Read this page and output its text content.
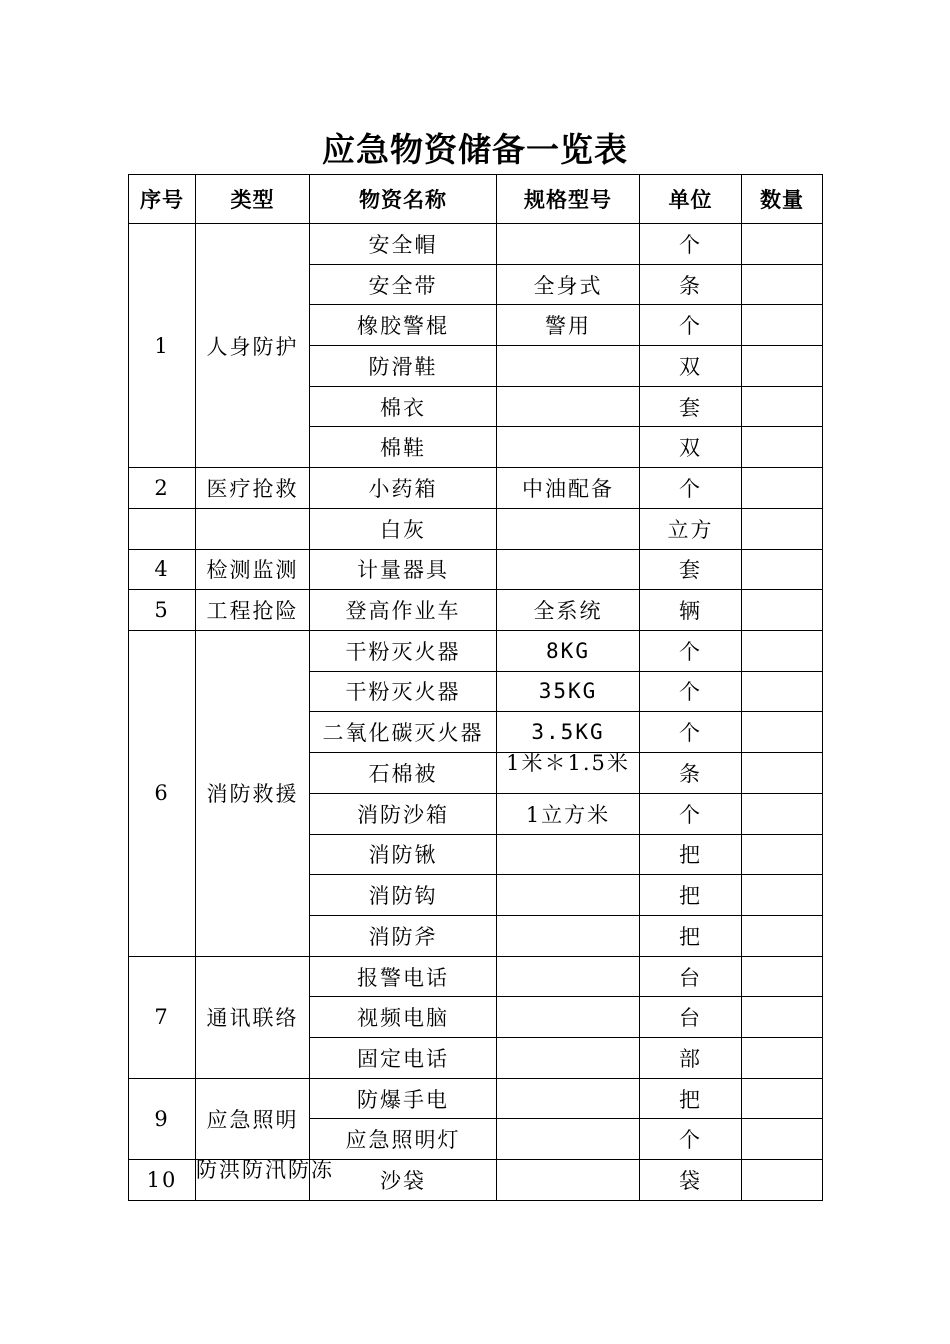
应急物资储备一览表
序号	类型	物资名称	规格型号	单位	数量
1	人身防护	安全帽		个	
		安全带	全身式	条	
		橡胶警棍	警用	个	
		防滑鞋		双	
		棉衣		套	
		棉鞋		双	
2	医疗抢救	小药箱	中油配备	个	
		白灰		立方	
4	检测监测	计量器具		套	
5	工程抢险	登高作业车	全系统	辆	
6	消防救援	干粉灭火器	8KG	个	
		干粉灭火器	35KG	个	
		二氧化碳灭火器	3.5KG	个	
		石棉被	1米＊1.5米	条	
		消防沙箱	1立方米	个	
		消防锹		把	
		消防钩		把	
		消防斧		把	
7	通讯联络	报警电话		台	
		视频电脑		台	
		固定电话		部	
9	应急照明	防爆手电		把	
		应急照明灯		个	
10	防洪防汛防冻	沙袋		袋	
